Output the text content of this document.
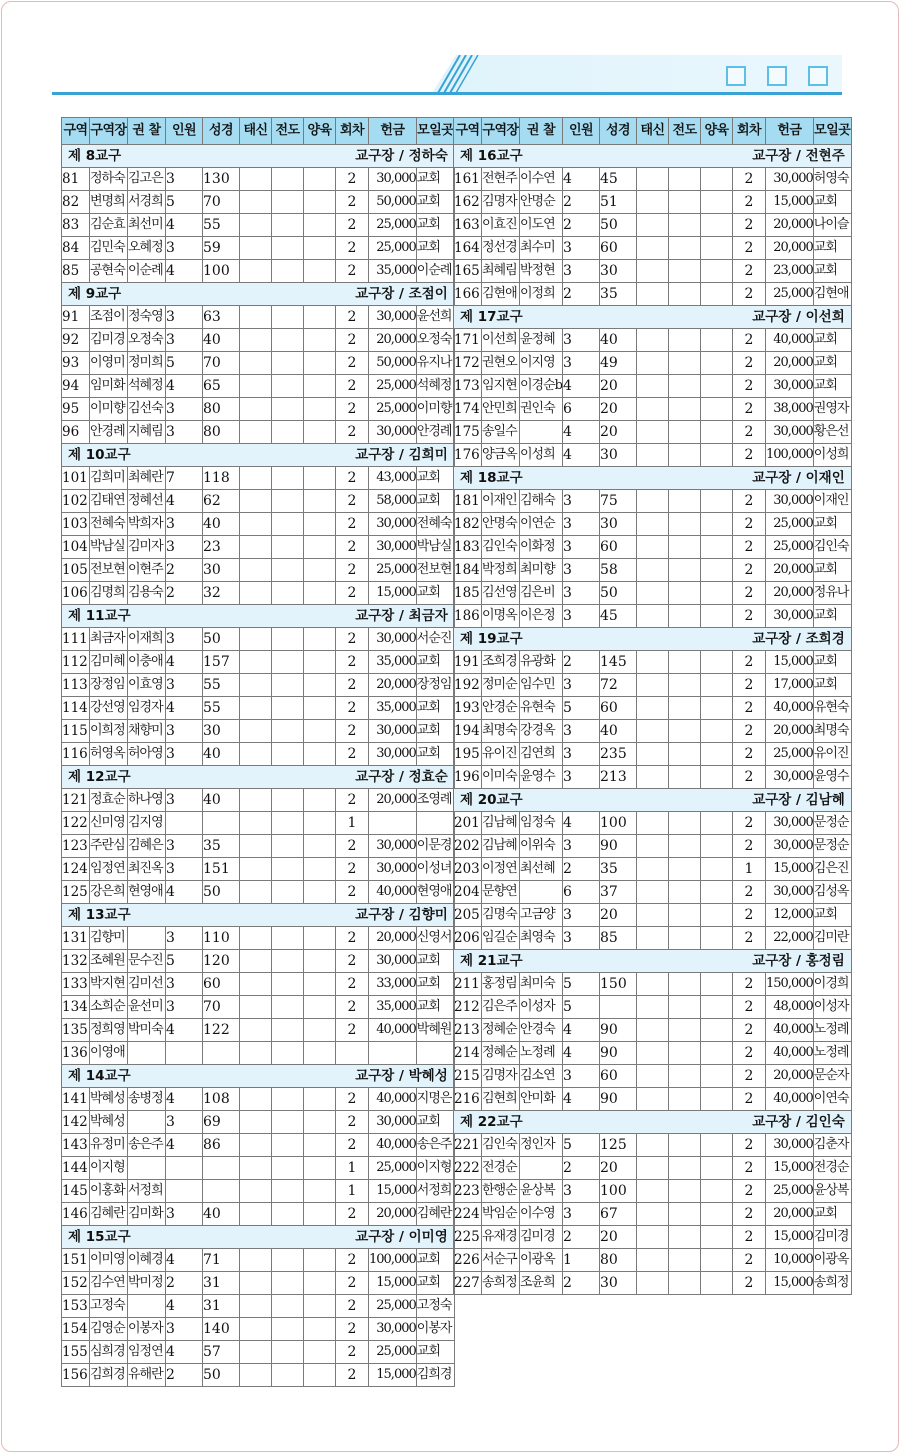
구역	구역장	권 찰	인원	성경	태신	전도	양육	회차	헌금	모일곳

제 8교구 교구장 / 정하숙										

81	정하숙	김고은	3	130				2	30,000	교회
82	변명희	서경희	5	70				2	50,000	교회
83	김순효	최선미	4	55				2	25,000	교회
84	김민숙	오혜정	3	59				2	25,000	교회
85	공현숙	이순례	4	100				2	35,000	이순례

제 9교구 교구장 / 조점이										

91	조점이	정숙영	3	63				2	30,000	윤선희
92	김미경	오정숙	3	40				2	20,000	오정숙
93	이영미	정미희	5	70				2	50,000	유지나
94	임미화	석혜정	4	65				2	25,000	석혜정
95	이미향	김선숙	3	80				2	25,000	이미향
96	안경례	지혜림	3	80				2	30,000	안경례

제 10교구 교구장 / 김희미										

101	김희미	최혜란	7	118				2	43,000	교회
102	김태연	정혜선	4	62				2	58,000	교회
103	전혜숙	박희자	3	40				2	30,000	전혜숙
104	박남실	김미자	3	23				2	30,000	박남실
105	전보현	이현주	2	30				2	25,000	전보현
106	김명희	김용숙	2	32				2	15,000	교회

제 11교구 교구장 / 최금자										

111	최금자	이재희	3	50				2	30,000	서순진
112	김미혜	이충애	4	157				2	35,000	교회
113	장정임	이효영	3	55				2	20,000	장정임
114	강선영	임경자	4	55				2	35,000	교회
115	이희정	채향미	3	30				2	30,000	교회
116	허영옥	허아영	3	40				2	30,000	교회

제 12교구 교구장 / 정효순										

121	정효순	하나영	3	40				2	20,000	조영례
122	신미영	김지영						1		
123	주란심	김혜은	3	35				2	30,000	이문경
124	임정연	최진옥	3	151				2	30,000	이성녀
125	강은희	현영애	4	50				2	40,000	현영애

제 13교구 교구장 / 김향미										

131	김향미		3	110				2	20,000	신영서
132	조혜원	문수진	5	120				2	30,000	교회
133	박지현	김미선	3	60				2	33,000	교회
134	소희순	윤선미	3	70				2	35,000	교회
135	정희영	박미숙	4	122				2	40,000	박혜원
136	이영애									

제 14교구 교구장 / 박혜성										

141	박혜성	송병정	4	108				2	40,000	지명은
142	박혜성		3	69				2	30,000	교회
143	유정미	송은주	4	86				2	40,000	송은주
144	이지형							1	25,000	이지형
145	이홍화	서정희						1	15,000	서정희
146	김혜란	김미화	3	40				2	20,000	김혜란

제 15교구 교구장 / 이미영										

151	이미영	이혜경	4	71				2	100,000	교회
152	김수연	박미정	2	31				2	15,000	교회
153	고정숙		4	31				2	25,000	고정숙
154	김영순	이봉자	3	140				2	30,000	이봉자
155	심희경	임정연	4	57				2	25,000	교회
156	김희경	유해란	2	50				2	15,000	김희경
구역	구역장	권 찰	인원	성경	태신	전도	양육	회차	헌금	모일곳

제 16교구 교구장 / 전현주										

161	전현주	이수연	4	45				2	30,000	허영숙
162	김명자	안명순	2	51				2	15,000	교회
163	이효진	이도연	2	50				2	20,000	나이슬
164	정선경	최수미	3	60				2	20,000	교회
165	최혜림	박정현	3	30				2	23,000	교회
166	김현애	이정희	2	35				2	25,000	김현애

제 17교구 교구장 / 이선희										

171	이선희	윤정혜	3	40				2	40,000	교회
172	권현오	이지영	3	49				2	20,000	교회
173	임지현	이경순b	4	20				2	30,000	교회
174	안민희	권인숙	6	20				2	38,000	권영자
175	송일수		4	20				2	30,000	황은선
176	양금옥	이성희	4	30				2	100,000	이성희

제 18교구 교구장 / 이재인										

181	이재인	김해숙	3	75				2	30,000	이재인
182	안명숙	이연순	3	30				2	25,000	교회
183	김인숙	이화정	3	60				2	25,000	김인숙
184	박정희	최미향	3	58				2	20,000	교회
185	김선영	김은비	3	50				2	20,000	정유나
186	이명옥	이은정	3	45				2	30,000	교회

제 19교구 교구장 / 조희경										

191	조희경	유광화	2	145				2	15,000	교회
192	정미순	임수민	3	72				2	17,000	교회
193	안경순	유현숙	5	60				2	40,000	유현숙
194	최명숙	강경옥	3	40				2	20,000	최명숙
195	유이진	김연희	3	235				2	25,000	유이진
196	이미숙	윤영수	3	213				2	30,000	윤영수

제 20교구 교구장 / 김남혜										

201	김남혜	임정숙	4	100				2	30,000	문정순
202	김남혜	이위숙	3	90				2	30,000	문정순
203	이정연	최선혜	2	35				1	15,000	김은진
204	문향연		6	37				2	30,000	김성옥
205	김명숙	고금양	3	20				2	12,000	교회
206	임길순	최영숙	3	85				2	22,000	김미란

제 21교구 교구장 / 홍정림										

211	홍정림	최미숙	5	150				2	150,000	이경희
212	김은주	이성자	5					2	48,000	이성자
213	정혜순	안경숙	4	90				2	40,000	노정례
214	정혜순	노정례	4	90				2	40,000	노정례
215	김명자	김소연	3	60				2	20,000	문순자
216	김현희	안미화	4	90				2	40,000	이연숙

제 22교구 교구장 / 김인숙										

221	김인숙	정인자	5	125				2	30,000	김춘자
222	전경순		2	20				2	15,000	전경순
223	한행순	윤상복	3	100				2	25,000	윤상복
224	박임순	이수영	3	67				2	20,000	교회
225	유재경	김미경	2	20				2	15,000	김미경
226	서순구	이광옥	1	80				2	10,000	이광옥
227	송희정	조윤희	2	30				2	15,000	송희정
